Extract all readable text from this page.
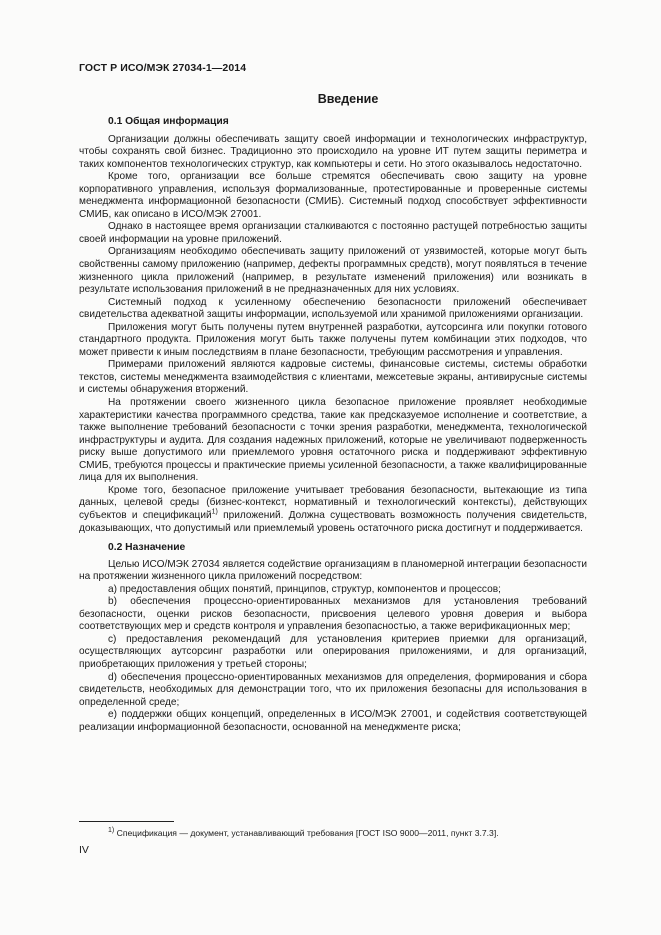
ГОСТ Р ИСО/МЭК 27034-1—2014
Введение
0.1 Общая информация

Организации должны обеспечивать защиту своей информации и технологических инфраструктур, чтобы сохранять свой бизнес. Традиционно это происходило на уровне ИТ путем защиты периметра и таких компонентов технологических структур, как компьютеры и сети. Но этого оказывалось недостаточно.

Кроме того, организации все больше стремятся обеспечивать свою защиту на уровне корпоративного управления, используя формализованные, протестированные и проверенные системы менеджмента информационной безопасности (СМИБ). Системный подход способствует эффективности СМИБ, как описано в ИСО/МЭК 27001.

Однако в настоящее время организации сталкиваются с постоянно растущей потребностью защиты своей информации на уровне приложений.

Организациям необходимо обеспечивать защиту приложений от уязвимостей, которые могут быть свойственны самому приложению (например, дефекты программных средств), могут появляться в течение жизненного цикла приложений (например, в результате изменений приложения) или возникать в результате использования приложений в не предназначенных для них условиях.

Системный подход к усиленному обеспечению безопасности приложений обеспечивает свидетельства адекватной защиты информации, используемой или хранимой приложениями организации.

Приложения могут быть получены путем внутренней разработки, аутсорсинга или покупки готового стандартного продукта. Приложения могут быть также получены путем комбинации этих подходов, что может привести к иным последствиям в плане безопасности, требующим рассмотрения и управления.

Примерами приложений являются кадровые системы, финансовые системы, системы обработки текстов, системы менеджмента взаимодействия с клиентами, межсетевые экраны, антивирусные системы и системы обнаружения вторжений.

На протяжении своего жизненного цикла безопасное приложение проявляет необходимые характеристики качества программного средства, такие как предсказуемое исполнение и соответствие, а также выполнение требований безопасности с точки зрения разработки, менеджмента, технологической инфраструктуры и аудита. Для создания надежных приложений, которые не увеличивают подверженность риску выше допустимого или приемлемого уровня остаточного риска и поддерживают эффективную СМИБ, требуются процессы и практические приемы усиленной безопасности, а также квалифицированные лица для их выполнения.

Кроме того, безопасное приложение учитывает требования безопасности, вытекающие из типа данных, целевой среды (бизнес-контекст, нормативный и технологический контексты), действующих субъектов и спецификаций$^{1)}$ приложений. Должна существовать возможность получения свидетельств, доказывающих, что допустимый или приемлемый уровень остаточного риска достигнут и поддерживается.

0.2 Назначение

Целью ИСО/МЭК 27034 является содействие организациям в планомерной интеграции безопасности на протяжении жизненного цикла приложений посредством:

a) предоставления общих понятий, принципов, структур, компонентов и процессов;

b) обеспечения процессно-ориентированных механизмов для установления требований безопасности, оценки рисков безопасности, присвоения целевого уровня доверия и выбора соответствующих мер и средств контроля и управления безопасностью, а также верификационных мер;

c) предоставления рекомендаций для установления критериев приемки для организаций, осуществляющих аутсорсинг разработки или оперирования приложениями, и для организаций, приобретающих приложения у третьей стороны;

d) обеспечения процессно-ориентированных механизмов для определения, формирования и сбора свидетельств, необходимых для демонстрации того, что их приложения безопасны для использования в определенной среде;

e) поддержки общих концепций, определенных в ИСО/МЭК 27001, и содействия соответствующей реализации информационной безопасности, основанной на менеджменте риска;

$^{1)}$ Спецификация — документ, устанавливающий требования [ГОСТ ISO 9000—2011, пункт 3.7.3].
IV
